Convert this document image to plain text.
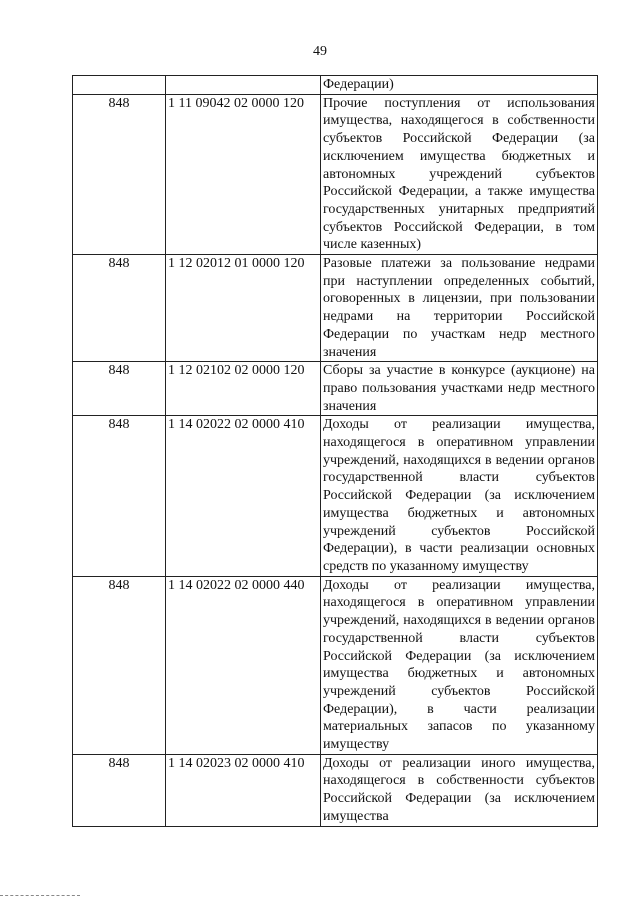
49
		Федерации)
848	1 11 09042 02 0000 120	Прочие поступления от использования имущества, находящегося в собственности субъектов Российской Федерации (за исключением имущества бюджетных и автономных учреждений субъектов Российской Федерации, а также имущества государственных унитарных предприятий субъектов Российской Федерации, в том числе казенных)
848	1 12 02012 01 0000 120	Разовые платежи за пользование недрами при наступлении определенных событий, оговоренных в лицензии, при пользовании недрами на территории Российской Федерации по участкам недр местного значения
848	1 12 02102 02 0000 120	Сборы за участие в конкурсе (аукционе) на право пользования участками недр местного значения
848	1 14 02022 02 0000 410	Доходы от реализации имущества, находящегося в оперативном управлении учреждений, находящихся в ведении органов государственной власти субъектов Российской Федерации (за исключением имущества бюджетных и автономных учреждений субъектов Российской Федерации), в части реализации основных средств по указанному имуществу
848	1 14 02022 02 0000 440	Доходы от реализации имущества, находящегося в оперативном управлении учреждений, находящихся в ведении органов государственной власти субъектов Российской Федерации (за исключением имущества бюджетных и автономных учреждений субъектов Российской Федерации), в части реализации материальных запасов по указанному имуществу
848	1 14 02023 02 0000 410	Доходы от реализации иного имущества, находящегося в собственности субъектов Российской Федерации (за исключением имущества
